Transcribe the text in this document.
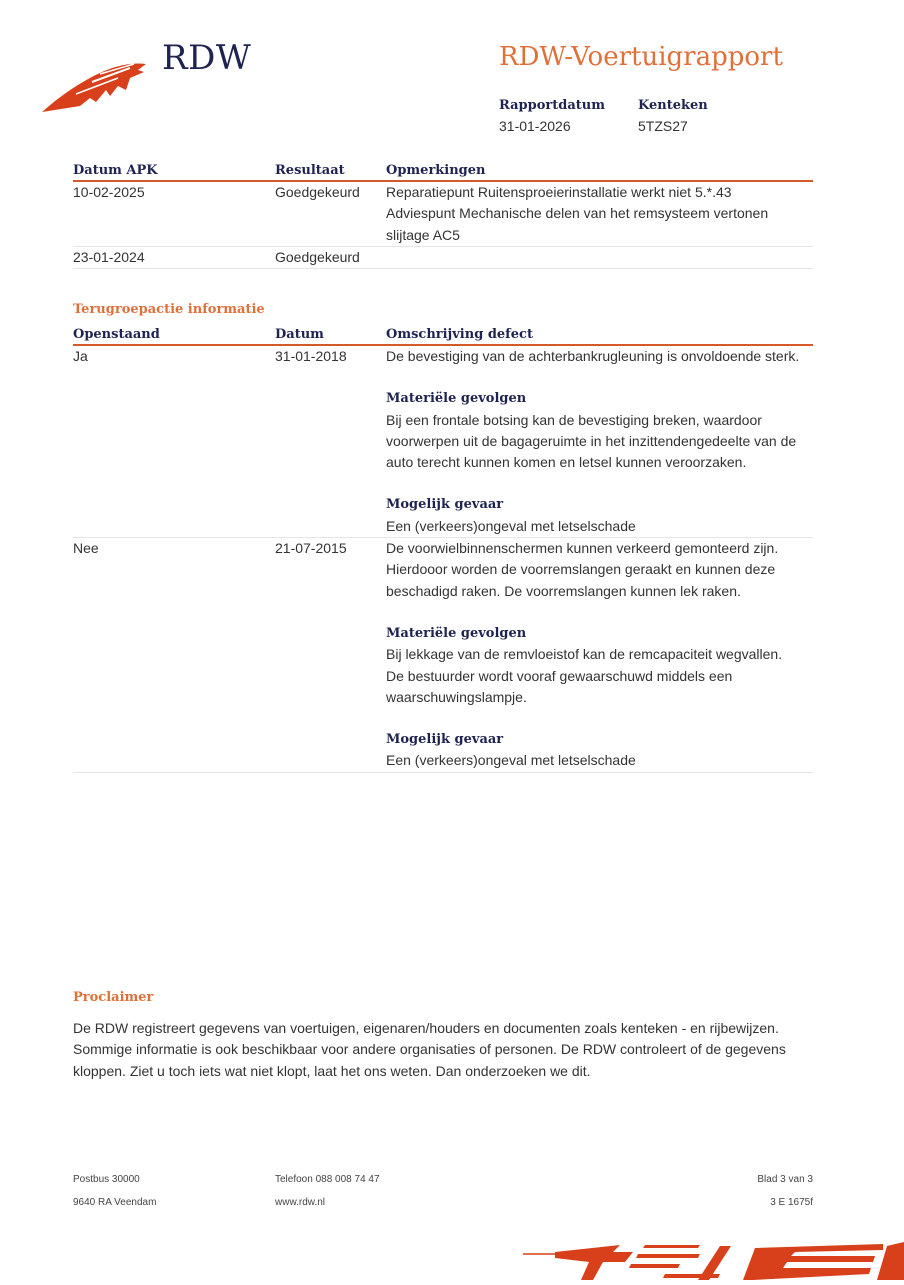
RDW	RDW-Voertuigrapport
Rapportdatum
31-01-2026
Kenteken
5TZS27
Datum APK	Resultaat	Opmerkingen
10-02-2025	Goedgekeurd	Reparatiepunt Ruitensproeierinstallatie werkt niet 5.*.43

Adviespunt Mechanische delen van het remsysteem vertonen slijtage AC5

23-01-2024	Goedgekeurd
Terugroepactie informatie
Openstaand	Datum	Omschrijving defect
Ja	31-01-2018	De bevestiging van de achterbankrugleuning is onvoldoende sterk.

Materiële gevolgen

Bij een frontale botsing kan de bevestiging breken, waardoor voorwerpen uit de bagageruimte in het inzittendengedeelte van de auto terecht kunnen komen en letsel kunnen veroorzaken.

Mogelijk gevaar

Een (verkeers)ongeval met letselschade

Nee	21-07-2015	De voorwielbinnenschermen kunnen verkeerd gemonteerd zijn. Hierdooor worden de voorremslangen geraakt en kunnen deze beschadigd raken. De voorremslangen kunnen lek raken.

Materiële gevolgen

Bij lekkage van de remvloeistof kan de remcapaciteit wegvallen. De bestuurder wordt vooraf gewaarschuwd middels een waarschuwingslampje.

Mogelijk gevaar

Een (verkeers)ongeval met letselschade

Proclaimer
De RDW registreert gegevens van voertuigen, eigenaren/houders en documenten zoals kenteken - en rijbewijzen. Sommige informatie is ook beschikbaar voor andere organisaties of personen. De RDW controleert of de gegevens kloppen. Ziet u toch iets wat niet klopt, laat het ons weten. Dan onderzoeken we dit.
Postbus 30000
9640 RA Veendam
Telefoon 088 008 74 47
www.rdw.nl
Blad 3 van 3
3 E 1675f
